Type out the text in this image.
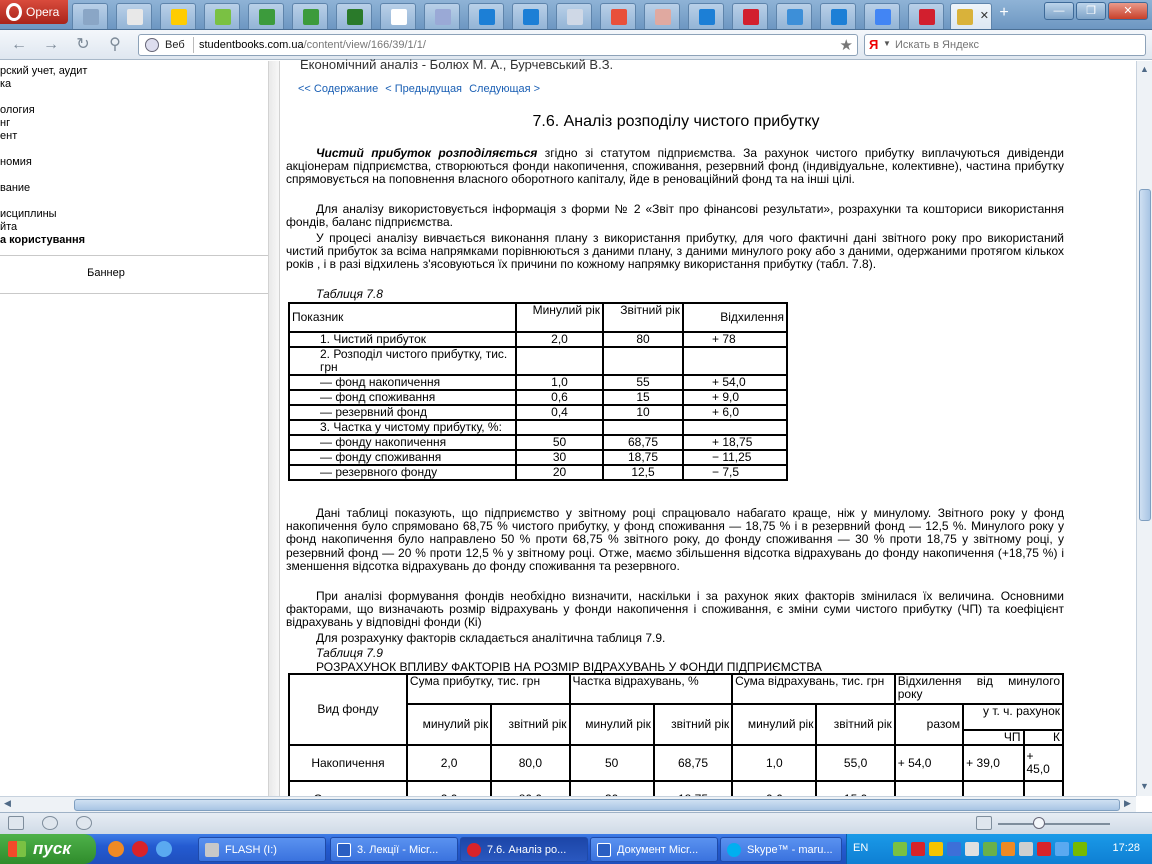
Opera	✕ +	—	❐	✕
← → ↻	⚲	Веб studentbooks.com.ua/content/view/166/39/1/1/	★ Я ▼
Искать в Яндекс
рский учет, аудит
ка
ология
нг
ент
номия
вание
исциплины
йта
а користування
Баннер
Економічний аналіз - Болюх М. А., Бурчевський В.З.
<< Содержание < Предыдущая Следующая >
7.6. Аналіз розподілу чистого прибутку
Чистий прибуток розподіляється згідно зі статутом підприємства. За рахунок чистого прибутку виплачуються дивіденди акціонерам підприємства, створюються фонди накопичення, споживання, резервний фонд (індивідуальне, колективне), частина прибутку спрямовується на поповнення власного оборотного капіталу, йде в реноваційний фонд та на інші цілі.
Для аналізу використовується інформація з форми № 2 «Звіт про фінансові результати», розрахунки та кошториси використання фондів, баланс підприємства.
У процесі аналізу вивчається виконання плану з використання прибутку, для чого фактичні дані звітного року про використаний чистий прибуток за всіма напрямками порівнюються з даними плану, з даними минулого року або з даними, одержаними протягом кількох років , і в разі відхилень з'ясовуються їх причини по кожному напрямку використання прибутку (табл. 7.8).
Таблиця 7.8
Показник	Минулий рік	Звітний рік	Відхилення
1. Чистий прибуток	2,0	80	+ 78
2. Розподіл чистого прибутку, тис. грн			
— фонд накопичення	1,0	55	+ 54,0
— фонд споживання	0,6	15	+ 9,0
— резервний фонд	0,4	10	+ 6,0
3. Частка у чистому прибутку, %:			
— фонду накопичення	50	68,75	+ 18,75
— фонду споживання	30	18,75	− 11,25
— резервного фонду	20	12,5	− 7,5
Дані таблиці показують, що підприємство у звітному році спрацювало набагато краще, ніж у минулому. Звітного року у фонд накопичення було спрямовано 68,75 % чистого прибутку, у фонд споживання — 18,75 % і в резервний фонд — 12,5 %. Минулого року у фонд накопичення було направлено 50 % проти 68,75 % звітного року, до фонду споживання — 30 % проти 18,75 у звітному році, у резервний фонд — 20 % проти 12,5 % у звітному році. Отже, маємо збільшення відсотка відрахувань до фонду накопичення (+18,75 %) і зменшення відсотка відрахувань до фонду споживання та резервного.
При аналізі формування фондів необхідно визначити, наскільки і за рахунок яких факторів змінилася їх величина. Основними факторами, що визначають розмір відрахувань у фонди накопичення і споживання, є зміни суми чистого прибутку (ЧП) та коефіцієнт відрахувань у відповідні фонди (Кі)
Для розрахунку факторів складається аналітична таблиця 7.9.
Таблиця 7.9
РОЗРАХУНОК ВПЛИВУ ФАКТОРІВ НА РОЗМІР ВІДРАХУВАНЬ У ФОНДИ ПІДПРИЄМСТВА
Вид фонду	Сума прибутку, тис. грн		Частка відрахувань, %		Сума відрахувань, тис. грн		Відхилення від минулого року		
	минулий рік	звітний рік	минулий рік	звітний рік	минулий рік	звітний рік	разом	у т. ч. рахунок	
								ЧП	К
Накопичення	2,0	80,0	50	68,75	1,0	55,0	+ 54,0	+ 39,0	+ 45,0

▲
▼
◀	▶
пуск	FLASH (I:)	3. Лекції - Micr...	7.6. Аналіз ро...	Документ Micr...	Skype™ - maru... EN	17:28
